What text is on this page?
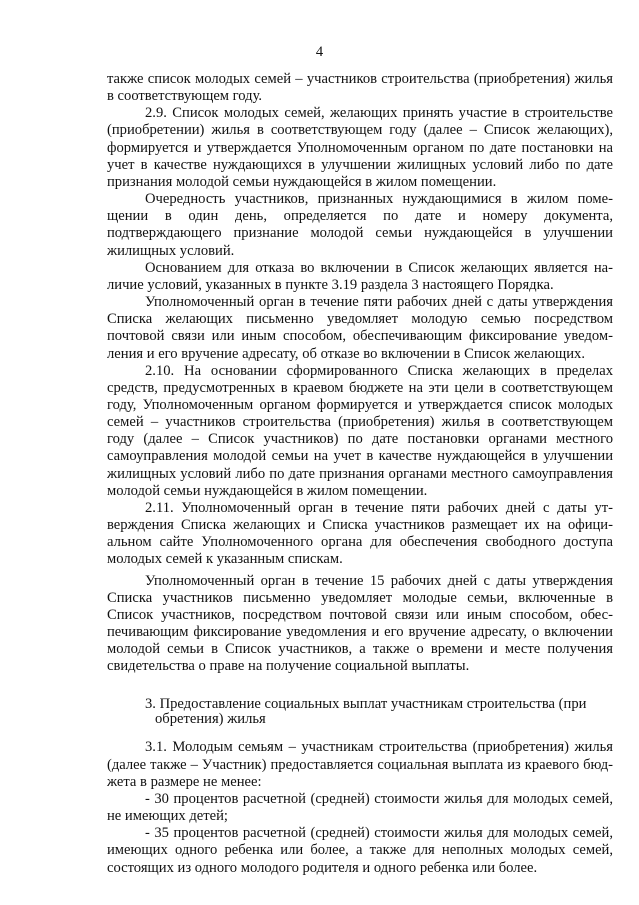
4

также список молодых семей – участников строительства (приобретения) жилья в соответствующем году.

2.9. Список молодых семей, желающих принять участие в строительстве (приобретении) жилья в соответствующем году (далее – Список желающих), формируется и утверждается Уполномоченным органом по дате постановки на учет в качестве нуждающихся в улучшении жилищных условий либо по дате признания молодой семьи нуждающейся в жилом помещении.

Очередность участников, признанных нуждающимися в жилом помещении в один день, определяется по дате и номеру документа, подтверждающего признание молодой семьи нуждающейся в улучшении жилищных условий.

Основанием для отказа во включении в Список желающих является наличие условий, указанных в пункте 3.19 раздела 3 настоящего Порядка.

Уполномоченный орган в течение пяти рабочих дней с даты утверждения Списка желающих письменно уведомляет молодую семью посредством почтовой связи или иным способом, обеспечивающим фиксирование уведомления и его вручение адресату, об отказе во включении в Список желающих.

2.10. На основании сформированного Списка желающих в пределах средств, предусмотренных в краевом бюджете на эти цели в соответствующем году, Уполномоченным органом формируется и утверждается список молодых семей – участников строительства (приобретения) жилья в соответствующем году (далее – Список участников) по дате постановки органами местного самоуправления молодой семьи на учет в качестве нуждающейся в улучшении жилищных условий либо по дате признания органами местного самоуправления молодой семьи нуждающейся в жилом помещении.

2.11. Уполномоченный орган в течение пяти рабочих дней с даты утверждения Списка желающих и Списка участников размещает их на официальном сайте Уполномоченного органа для обеспечения свободного доступа молодых семей к указанным спискам.

Уполномоченный орган в течение 15 рабочих дней с даты утверждения Списка участников письменно уведомляет молодые семьи, включенные в Список участников, посредством почтовой связи или иным способом, обеспечивающим фиксирование уведомления и его вручение адресату, о включении молодой семьи в Список участников, а также о времени и месте получения свидетельства о праве на получение социальной выплаты.

3. Предоставление социальных выплат участникам строительства (при
обретения) жилья

3.1. Молодым семьям – участникам строительства (приобретения) жилья (далее также – Участник) предоставляется социальная выплата из краевого бюджета в размере не менее:

- 30 процентов расчетной (средней) стоимости жилья для молодых семей, не имеющих детей;

- 35 процентов расчетной (средней) стоимости жилья для молодых семей, имеющих одного ребенка или более, а также для неполных молодых семей, состоящих из одного молодого родителя и одного ребенка или более.
